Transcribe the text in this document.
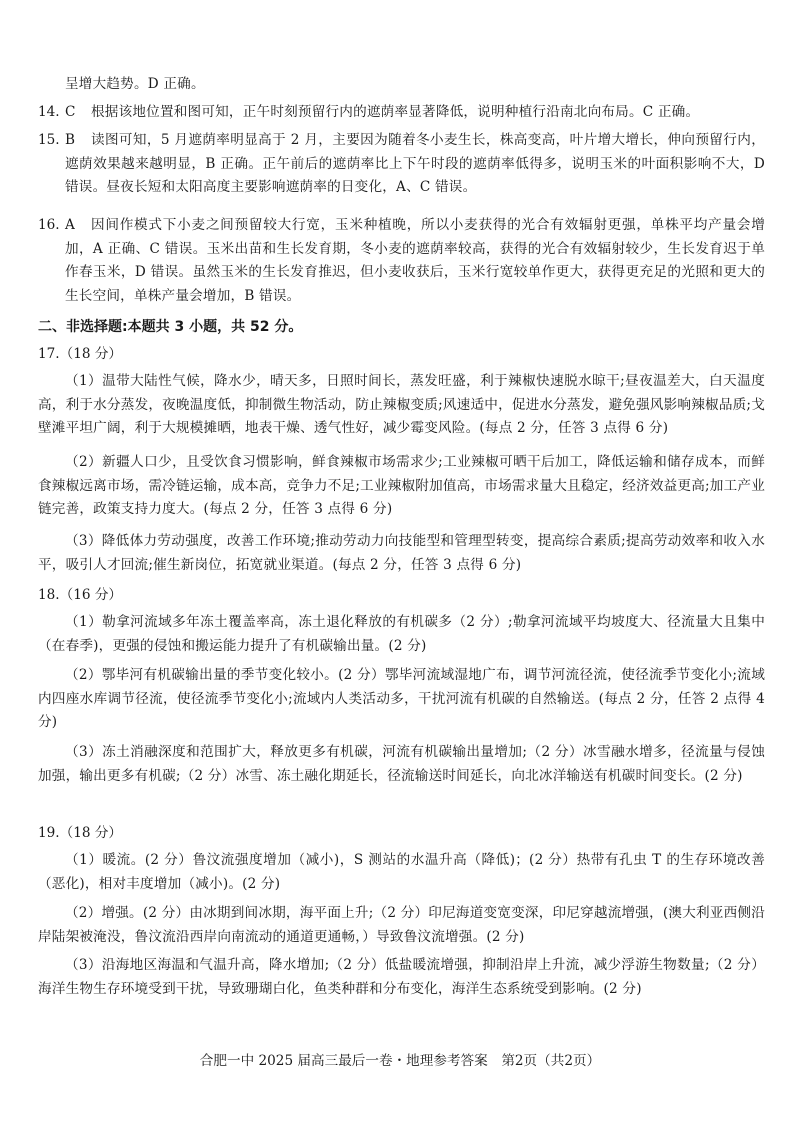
呈增大趋势。D 正确。

14. C 根据该地位置和图可知，正午时刻预留行内的遮荫率显著降低，说明种植行沿南北向布局。C 正确。

15. B	读图可知，5 月遮荫率明显高于 2 月，主要因为随着冬小麦生长，株高变高，叶片增大增长，伸向预留行内，遮荫效果越来越明显，B 正确。正午前后的遮荫率比上下午时段的遮荫率低得多，说明玉米的叶面积影响不大，D 错误。昼夜长短和太阳高度主要影响遮荫率的日变化，A、C 错误。

16. A	因间作模式下小麦之间预留较大行宽，玉米种植晚，所以小麦获得的光合有效辐射更强，单株平均产量会增加，A 正确、C 错误。玉米出苗和生长发育期，冬小麦的遮荫率较高，获得的光合有效辐射较少，生长发育迟于单作春玉米，D 错误。虽然玉米的生长发育推迟，但小麦收获后，玉米行宽较单作更大，获得更充足的光照和更大的生长空间，单株产量会增加，B 错误。

二、非选择题:本题共 3 小题，共 52 分。
17.（18 分）

（1）温带大陆性气候，降水少，晴天多，日照时间长，蒸发旺盛，利于辣椒快速脱水晾干;昼夜温差大，白天温度高，利于水分蒸发，夜晚温度低，抑制微生物活动，防止辣椒变质;风速适中，促进水分蒸发，避免强风影响辣椒品质;戈壁滩平坦广阔，利于大规模摊晒，地表干燥、透气性好，减少霉变风险。(每点 2 分，任答 3 点得 6 分)

（2）新疆人口少，且受饮食习惯影响，鲜食辣椒市场需求少;工业辣椒可晒干后加工，降低运输和储存成本，而鲜食辣椒远离市场，需冷链运输，成本高，竞争力不足;工业辣椒附加值高，市场需求量大且稳定，经济效益更高;加工产业链完善，政策支持力度大。(每点 2 分，任答 3 点得 6 分)

（3）降低体力劳动强度，改善工作环境;推动劳动力向技能型和管理型转变，提高综合素质;提高劳动效率和收入水平，吸引人才回流;催生新岗位，拓宽就业渠道。(每点 2 分，任答 3 点得 6 分)

18.（16 分）

（1）勒拿河流域多年冻土覆盖率高，冻土退化释放的有机碳多（2 分）;勒拿河流域平均坡度大、径流量大且集中（在春季)，更强的侵蚀和搬运能力提升了有机碳输出量。(2 分)

（2）鄂毕河有机碳输出量的季节变化较小。(2 分）鄂毕河流域湿地广布，调节河流径流，使径流季节变化小;流域内四座水库调节径流，使径流季节变化小;流域内人类活动多，干扰河流有机碳的自然输送。(每点 2 分，任答 2 点得 4 分)

（3）冻土消融深度和范围扩大，释放更多有机碳，河流有机碳输出量增加;（2 分）冰雪融水增多，径流量与侵蚀加强，输出更多有机碳;（2 分）冰雪、冻土融化期延长，径流输送时间延长，向北冰洋输送有机碳时间变长。(2 分)

19.（18 分）

（1）暖流。(2 分）鲁汶流强度增加（减小)，S 测站的水温升高（降低)；(2 分）热带有孔虫 T 的生存环境改善（恶化)，相对丰度增加（减小)。(2 分)

（2）增强。(2 分）由冰期到间冰期，海平面上升;（2 分）印尼海道变宽变深，印尼穿越流增强，(澳大利亚西侧沿岸陆架被淹没，鲁汶流沿西岸向南流动的通道更通畅，）导致鲁汶流增强。(2 分)

（3）沿海地区海温和气温升高，降水增加;（2 分）低盐暖流增强，抑制沿岸上升流，减少浮游生物数量;（2 分）海洋生物生存环境受到干扰，导致珊瑚白化，鱼类种群和分布变化，海洋生态系统受到影响。(2 分)

合肥一中 2025 届高三最后一卷・地理参考答案　第2页（共2页）
